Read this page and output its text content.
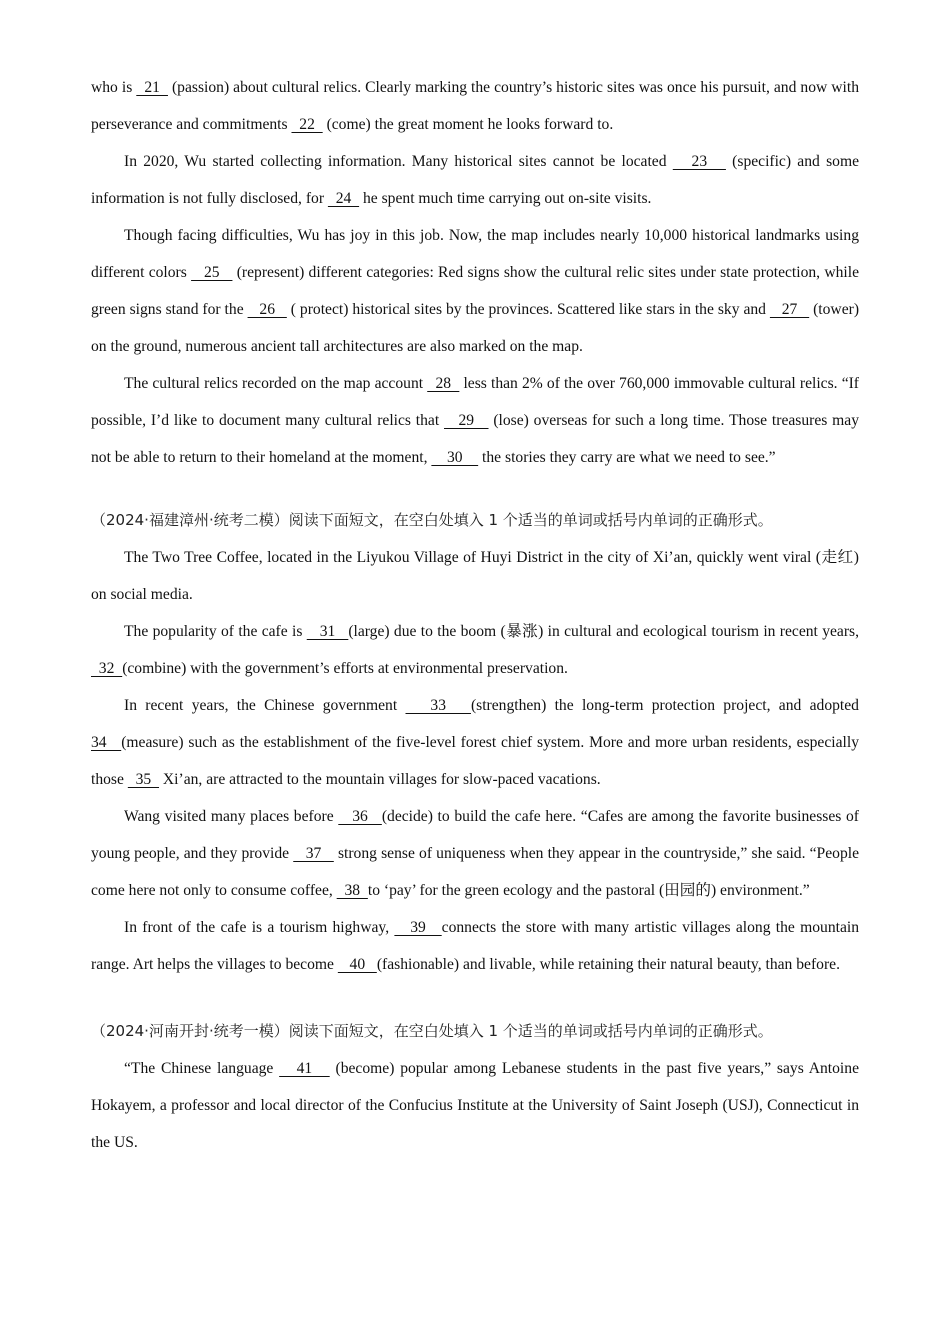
who is   21   (passion) about cultural relics. Clearly marking the country’s historic sites was once his pursuit, and now with perseverance and commitments   22   (come) the great moment he looks forward to.

In 2020, Wu started collecting information. Many historical sites cannot be located    23    (specific) and some information is not fully disclosed, for   24   he spent much time carrying out on-site visits.

Though facing difficulties, Wu has joy in this job. Now, the map includes nearly 10,000 historical landmarks using different colors    25    (represent) different categories: Red signs show the cultural relic sites under state protection, while green signs stand for the    26    ( protect) historical sites by the provinces. Scattered like stars in the sky and    27    (tower) on the ground, numerous ancient tall architectures are also marked on the map.

The cultural relics recorded on the map account   28   less than 2% of the over 760,000 immovable cultural relics. “If possible, I’d like to document many cultural relics that    29    (lose) overseas for such a long time. Those treasures may not be able to return to their homeland at the moment,     30     the stories they carry are what we need to see.”

（2024·福建漳州·统考二模）阅读下面短文，在空白处填入 1 个适当的单词或括号内单词的正确形式。

The Two Tree Coffee, located in the Liyukou Village of Huyi District in the city of Xi’an, quickly went viral (走红) on social media.

The popularity of the cafe is    31   (large) due to the boom (暴涨) in cultural and ecological tourism in recent years,   32  (combine) with the government’s efforts at environmental preservation.

In recent years, the Chinese government    33   (strengthen) the long-term protection project, and adopted 34   (measure) such as the establishment of the five-level forest chief system. More and more urban residents, especially those   35   Xi’an, are attracted to the mountain villages for slow-paced vacations.

Wang visited many places before    36   (decide) to build the cafe here. “Cafes are among the favorite businesses of young people, and they provide    37    strong sense of uniqueness when they appear in the countryside,” she said. “People come here not only to consume coffee,   38  to ‘pay’ for the green ecology and the pastoral (田园的) environment.”

In front of the cafe is a tourism highway,    39   connects the store with many artistic villages along the mountain range. Art helps the villages to become    40   (fashionable) and livable, while retaining their natural beauty, than before.

（2024·河南开封·统考一模）阅读下面短文，在空白处填入 1 个适当的单词或括号内单词的正确形式。

“The Chinese language    41    (become) popular among Lebanese students in the past five years,” says Antoine Hokayem, a professor and local director of the Confucius Institute at the University of Saint Joseph (USJ), Connecticut in the US.
